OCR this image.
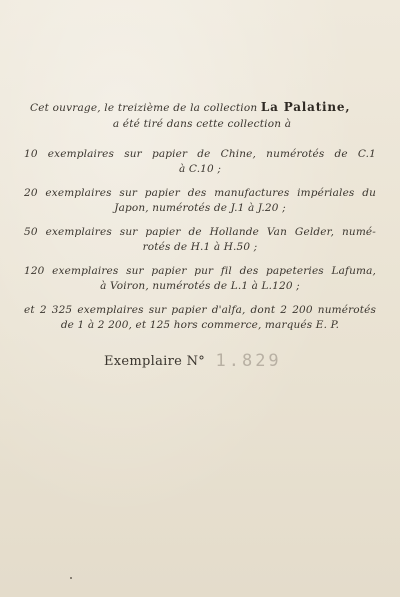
Cet ouvrage, le treizième de la collection La Palatine,
a été tiré dans cette collection à
10 exemplaires sur papier de Chine, numérotés de C.1
à C.10 ;
20 exemplaires sur papier des manufactures impériales du
Japon, numérotés de J.1 à J.20 ;
50 exemplaires sur papier de Hollande Van Gelder, numé-
rotés de H.1 à H.50 ;
120 exemplaires sur papier pur fil des papeteries Lafuma,
à Voiron, numérotés de L.1 à L.120 ;
et 2 325 exemplaires sur papier d'alfa, dont 2 200 numérotés
de 1 à 2 200, et 125 hors commerce, marqués E. P.
Exemplaire N° 1.829
